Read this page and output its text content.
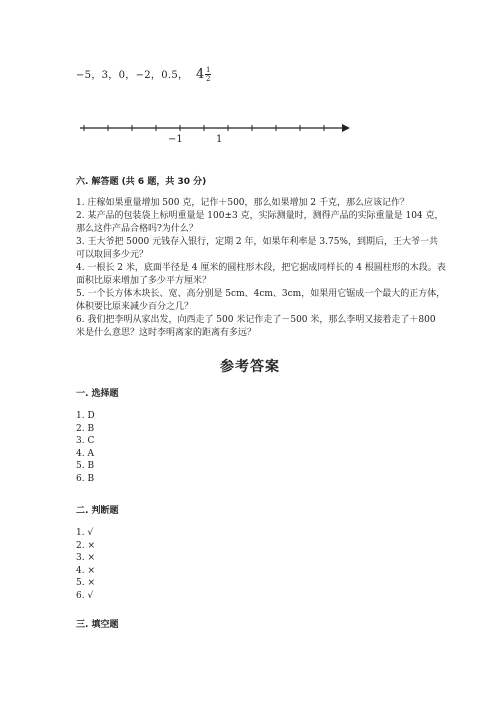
−5，3，0，−2，0.5， 4 1
2
−1	1
六. 解答题 (共 6 题，共 30 分)
1. 庄稼如果重量增加 500 克，记作＋500，那么如果增加 2 千克，那么应该记作？
2. 某产品的包装袋上标明重量是 100±3 克，实际测量时，测得产品的实际重量是 104 克，那么这件产品合格吗?为什么？
3. 王大爷把 5000 元钱存入银行，定期 2 年，如果年利率是 3.75%，到期后，王大爷一共可以取回多少元？
4. 一根长 2 米，底面半径是 4 厘米的圆柱形木段，把它据成同样长的 4 根圆柱形的木段。表面积比原来增加了多少平方厘米？
5. 一个长方体木块长、宽、高分别是 5cm、4cm、3cm，如果用它锯成一个最大的正方体，体积要比原来减少百分之几？
6. 我们把李明从家出发，向西走了 500 米记作走了－500 米，那么李明又接着走了＋800 米是什么意思？这时李明离家的距离有多远？
参考答案
一. 选择题
1. D
2. B
3. C
4. A
5. B
6. B
二. 判断题
1. √
2. ×
3. ×
4. ×
5. ×
6. √
三. 填空题
